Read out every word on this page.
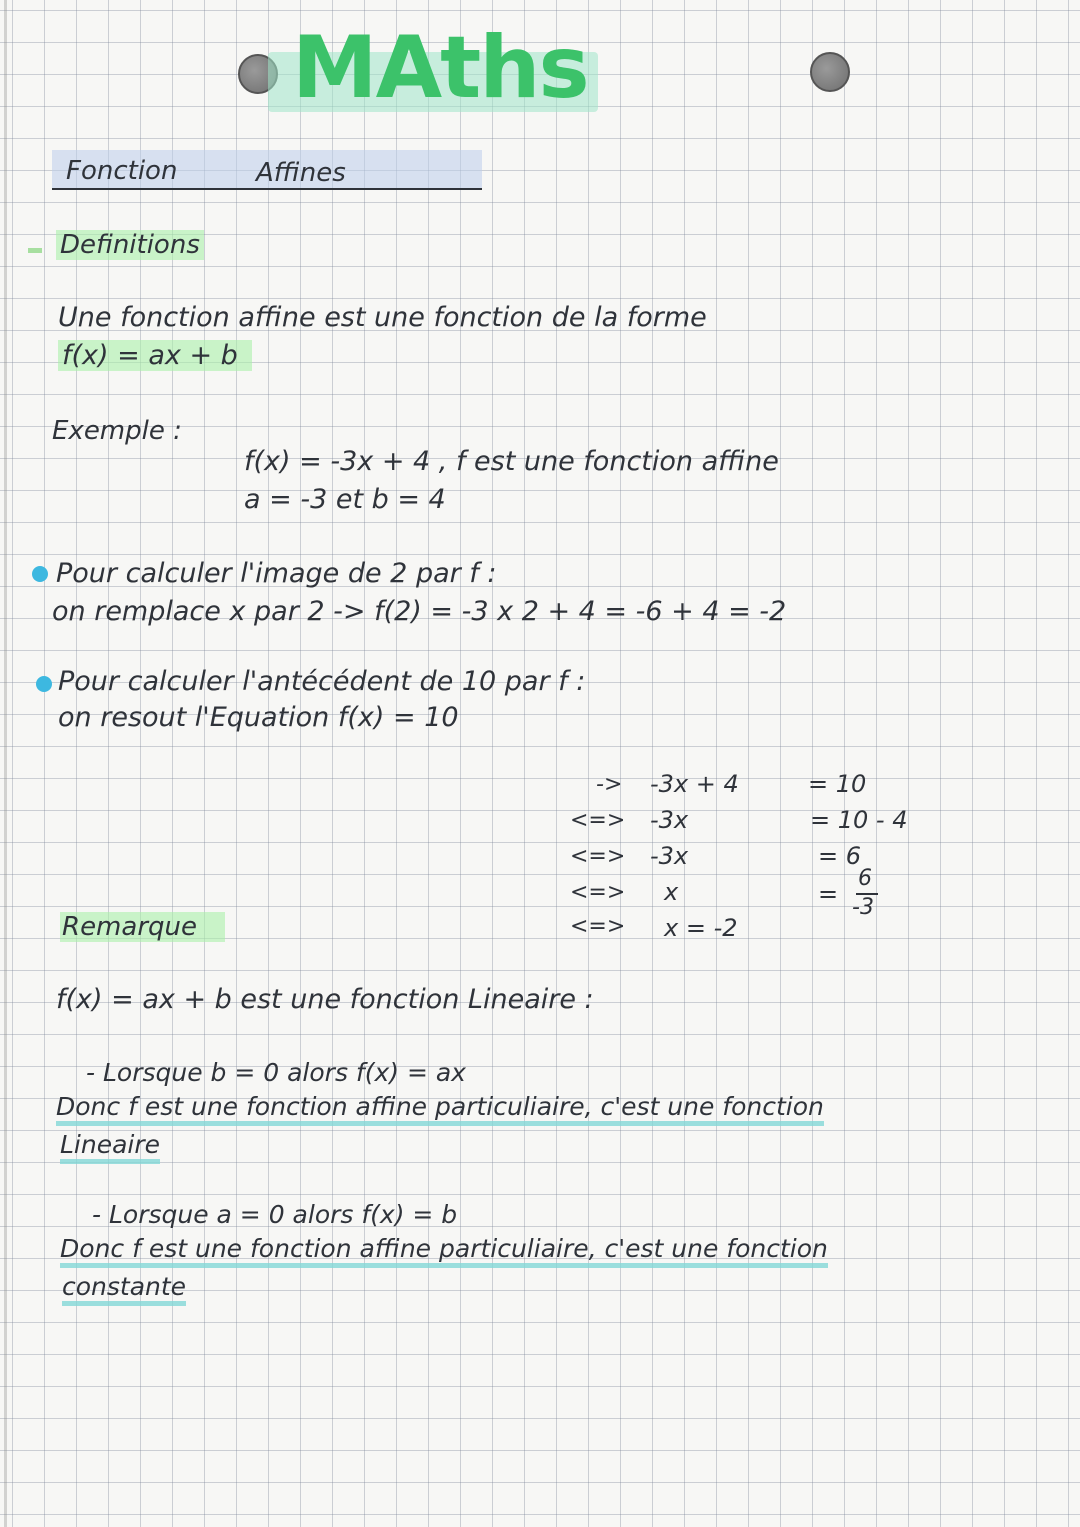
MAths
Fonction	Affines
Definitions
Une fonction affine est une fonction de la forme
f(x) = ax + b
Exemple :
f(x) = -3x + 4 , f est une fonction affine
a = -3 et b = 4
Pour calculer l'image de 2 par f :
on remplace x par 2 -> f(2) = -3 x 2 + 4 = -6 + 4 = -2
Pour calculer l'antécédent de 10 par f :
on resout l'Equation f(x) = 10
->
<=>
<=>
<=>
<=>
-3x + 4
-3x
-3x
x
x = -2
= 10
= 10 - 4
= 6
=
6
-3
Remarque
f(x) = ax + b est une fonction Lineaire :
- Lorsque b = 0 alors f(x) = ax
Donc f est une fonction affine particuliaire, c'est une fonction
Lineaire
- Lorsque a = 0 alors f(x) = b
Donc f est une fonction affine particuliaire, c'est une fonction
constante
